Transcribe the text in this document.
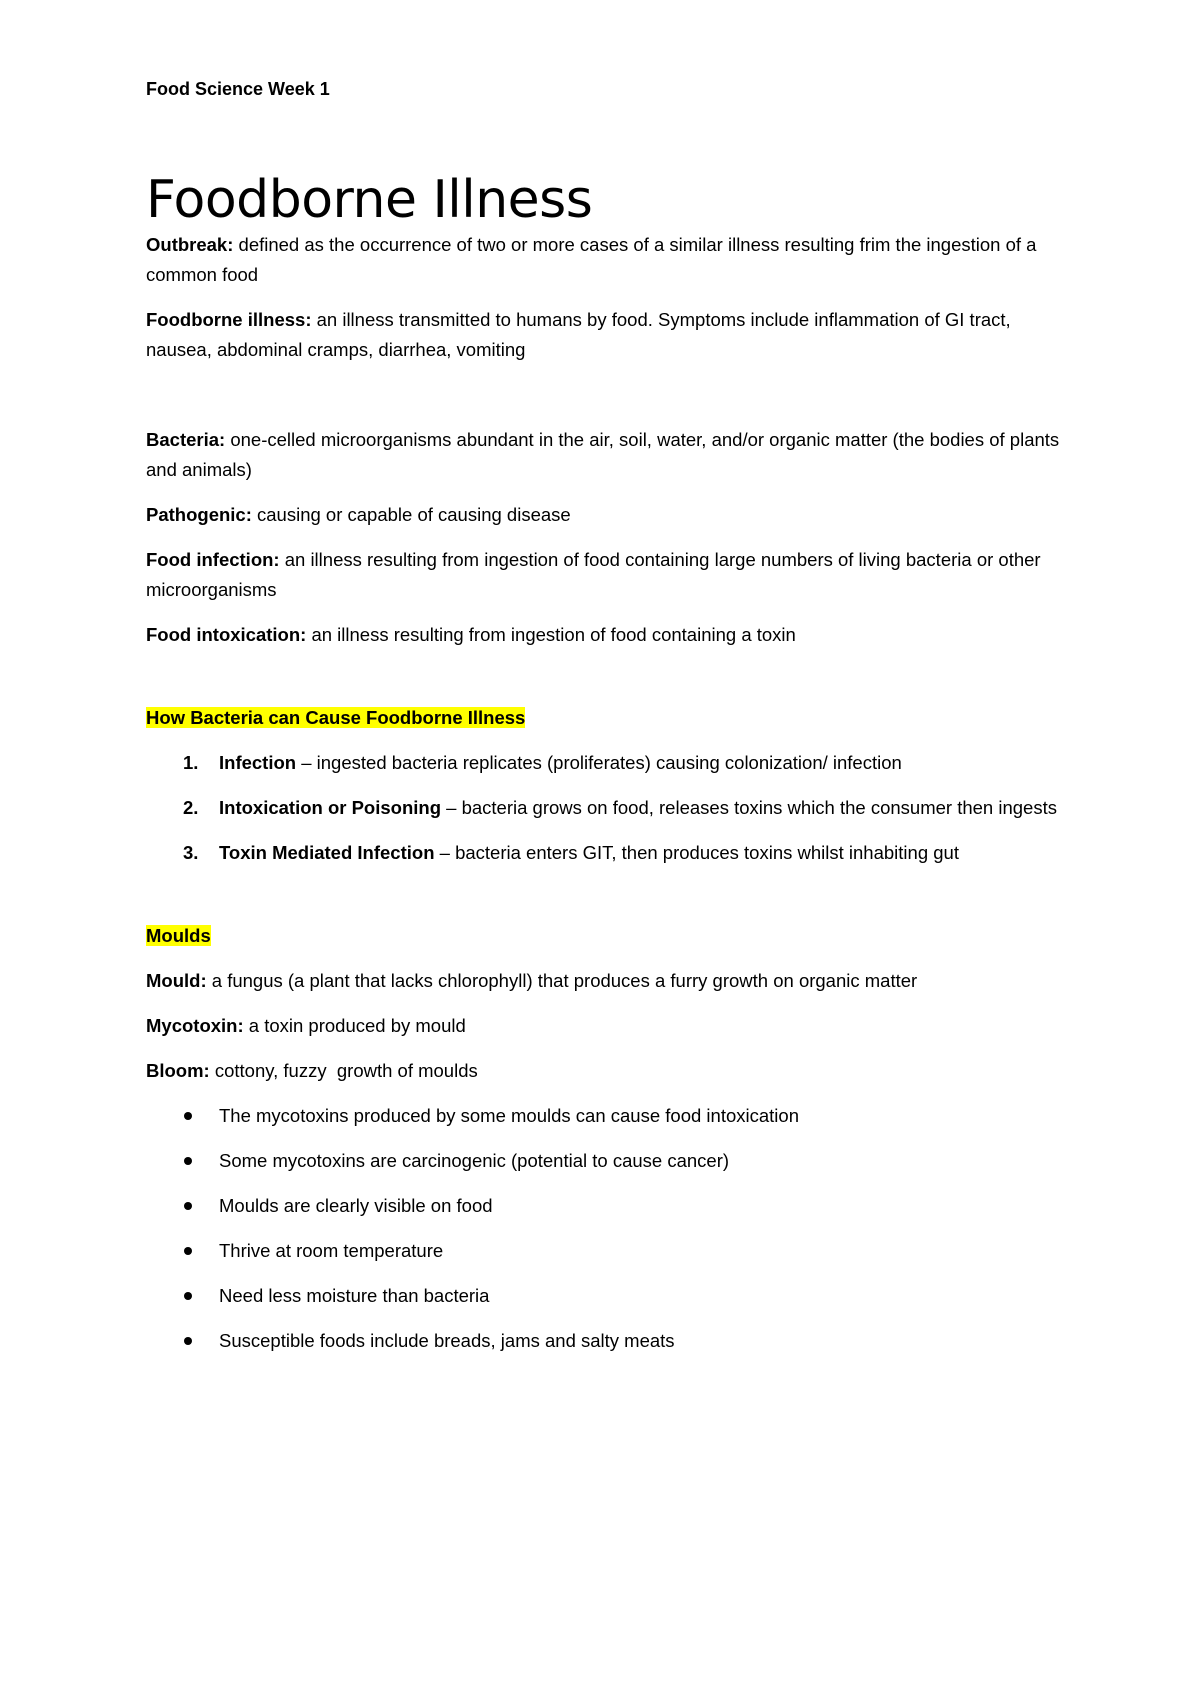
Food Science Week 1

Foodborne Illness

Outbreak: defined as the occurrence of two or more cases of a similar illness resulting frim the ingestion of a common food

Foodborne illness: an illness transmitted to humans by food. Symptoms include inflammation of GI tract, nausea, abdominal cramps, diarrhea, vomiting

Bacteria: one-celled microorganisms abundant in the air, soil, water, and/or organic matter (the bodies of plants and animals)

Pathogenic: causing or capable of causing disease

Food infection: an illness resulting from ingestion of food containing large numbers of living bacteria or other microorganisms

Food intoxication: an illness resulting from ingestion of food containing a toxin

How Bacteria can Cause Foodborne Illness

1. Infection – ingested bacteria replicates (proliferates) causing colonization/ infection
2. Intoxication or Poisoning – bacteria grows on food, releases toxins which the consumer then ingests
3. Toxin Mediated Infection – bacteria enters GIT, then produces toxins whilst inhabiting gut

Moulds

Mould: a fungus (a plant that lacks chlorophyll) that produces a furry growth on organic matter

Mycotoxin: a toxin produced by mould

Bloom: cottony, fuzzy  growth of moulds

The mycotoxins produced by some moulds can cause food intoxication
Some mycotoxins are carcinogenic (potential to cause cancer)
Moulds are clearly visible on food
Thrive at room temperature
Need less moisture than bacteria
Susceptible foods include breads, jams and salty meats
